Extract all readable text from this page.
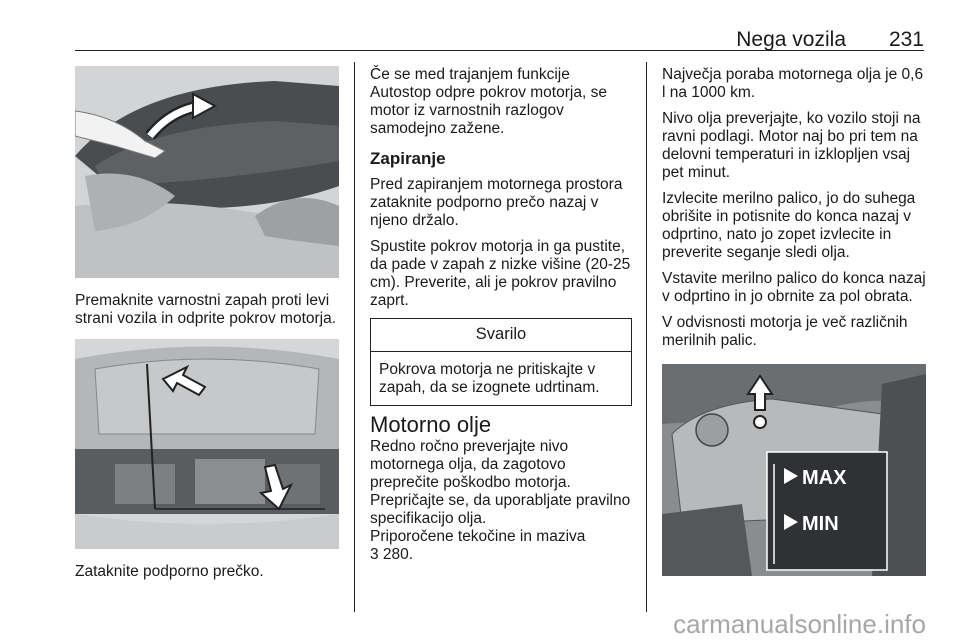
Nega vozila 231
Premaknite varnostni zapah proti levi strani vozila in odprite pokrov motorja.
Zataknite podporno prečko.

Če se med trajanjem funkcije Autostop odpre pokrov motorja, se motor iz varnostnih razlogov samodejno zažene.

Zapiranje

Pred zapiranjem motornega prostora zataknite podporno prečo nazaj v njeno držalo.

Spustite pokrov motorja in ga pustite, da pade v zapah z nizke višine (20-25 cm). Preverite, ali je pokrov pravilno zaprt.

Svarilo
Pokrova motorja ne pritiskajte v zapah, da se izognete udrtinam.
Motorno olje

Redno ročno preverjajte nivo motornega olja, da zagotovo preprečite poškodbo motorja.

Prepričajte se, da uporabljate pravilno specifikacijo olja.

Priporočene tekočine in maziva

3 280.

Največja poraba motornega olja je 0,6 l na 1000 km.

Nivo olja preverjajte, ko vozilo stoji na ravni podlagi. Motor naj bo pri tem na delovni temperaturi in izklopljen vsaj pet minut.

Izvlecite merilno palico, jo do suhega obrišite in potisnite do konca nazaj v odprtino, nato jo zopet izvlecite in preverite seganje sledi olja.

Vstavite merilno palico do konca nazaj v odprtino in jo obrnite za pol obrata.

V odvisnosti motorja je več različnih merilnih palic.

MAX
MIN
carmanualsonline.info
